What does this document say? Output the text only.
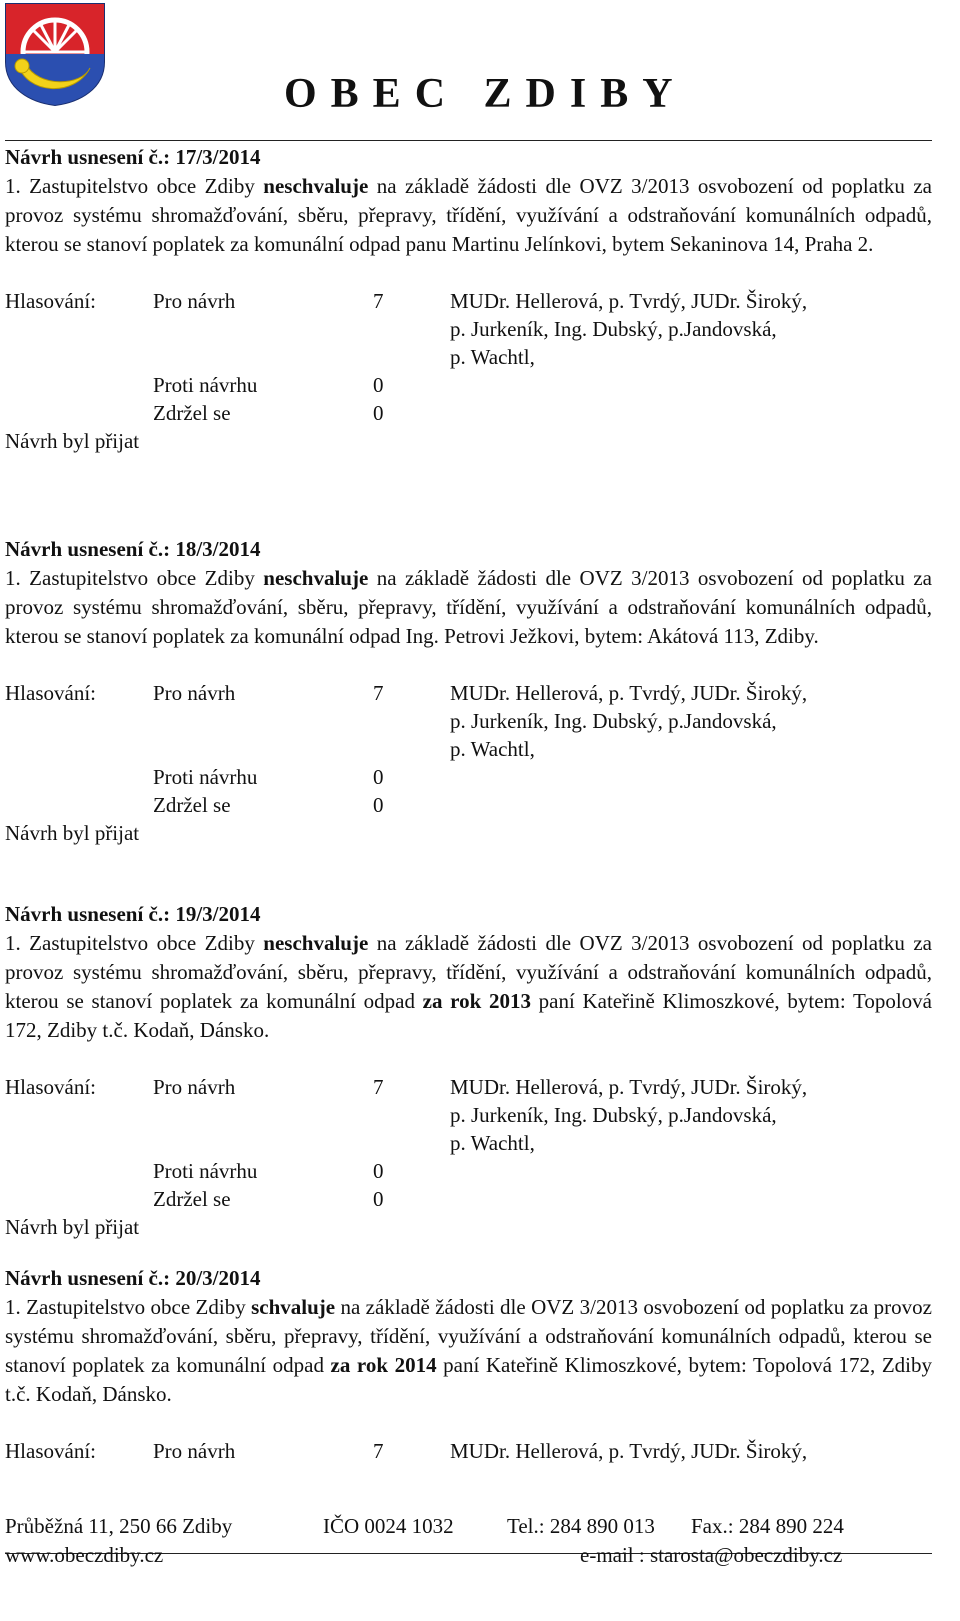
OBEC ZDIBY

Návrh usnesení č.: 17/3/2014

1. Zastupitelstvo obce Zdiby neschvaluje na základě žádosti dle OVZ 3/2013 osvobození od poplatku za provoz systému shromažďování, sběru, přepravy, třídění, využívání a odstraňování komunálních odpadů, kterou se stanoví poplatek za komunální odpad panu Martinu Jelínkovi, bytem Sekaninova 14, Praha 2.

Hlasování:	Pro návrh	7	MUDr. Hellerová, p. Tvrdý, JUDr. Široký,
p. Jurkeník, Ing. Dubský, p.Jandovská,
p. Wachtl,
Proti návrhu	0
Zdržel se	0
Návrh byl přijat

Návrh usnesení č.: 18/3/2014

1. Zastupitelstvo obce Zdiby neschvaluje na základě žádosti dle OVZ 3/2013 osvobození od poplatku za provoz systému shromažďování, sběru, přepravy, třídění, využívání a odstraňování komunálních odpadů, kterou se stanoví poplatek za komunální odpad Ing. Petrovi Ježkovi, bytem: Akátová 113, Zdiby.

Hlasování:	Pro návrh	7	MUDr. Hellerová, p. Tvrdý, JUDr. Široký,
p. Jurkeník, Ing. Dubský, p.Jandovská,
p. Wachtl,
Proti návrhu	0
Zdržel se	0
Návrh byl přijat

Návrh usnesení č.: 19/3/2014

1. Zastupitelstvo obce Zdiby neschvaluje na základě žádosti dle OVZ 3/2013 osvobození od poplatku za provoz systému shromažďování, sběru, přepravy, třídění, využívání a odstraňování komunálních odpadů, kterou se stanoví poplatek za komunální odpad za rok 2013 paní Kateřině Klimoszkové, bytem: Topolová 172, Zdiby t.č. Kodaň, Dánsko.

Hlasování:	Pro návrh	7	MUDr. Hellerová, p. Tvrdý, JUDr. Široký,
p. Jurkeník, Ing. Dubský, p.Jandovská,
p. Wachtl,
Proti návrhu	0
Zdržel se	0
Návrh byl přijat

Návrh usnesení č.: 20/3/2014

1. Zastupitelstvo obce Zdiby schvaluje na základě žádosti dle OVZ 3/2013 osvobození od poplatku za provoz systému shromažďování, sběru, přepravy, třídění, využívání a odstraňování komunálních odpadů, kterou se stanoví poplatek za komunální odpad za rok 2014 paní Kateřině Klimoszkové, bytem: Topolová 172, Zdiby t.č. Kodaň, Dánsko.

Hlasování:	Pro návrh	7	MUDr. Hellerová, p. Tvrdý, JUDr. Široký,
Průběžná 11, 250 66 Zdiby	IČO 0024 1032	Tel.: 284 890 013 Fax.: 284 890 224
www.obeczdiby.cz	e-mail : starosta@obeczdiby.cz
